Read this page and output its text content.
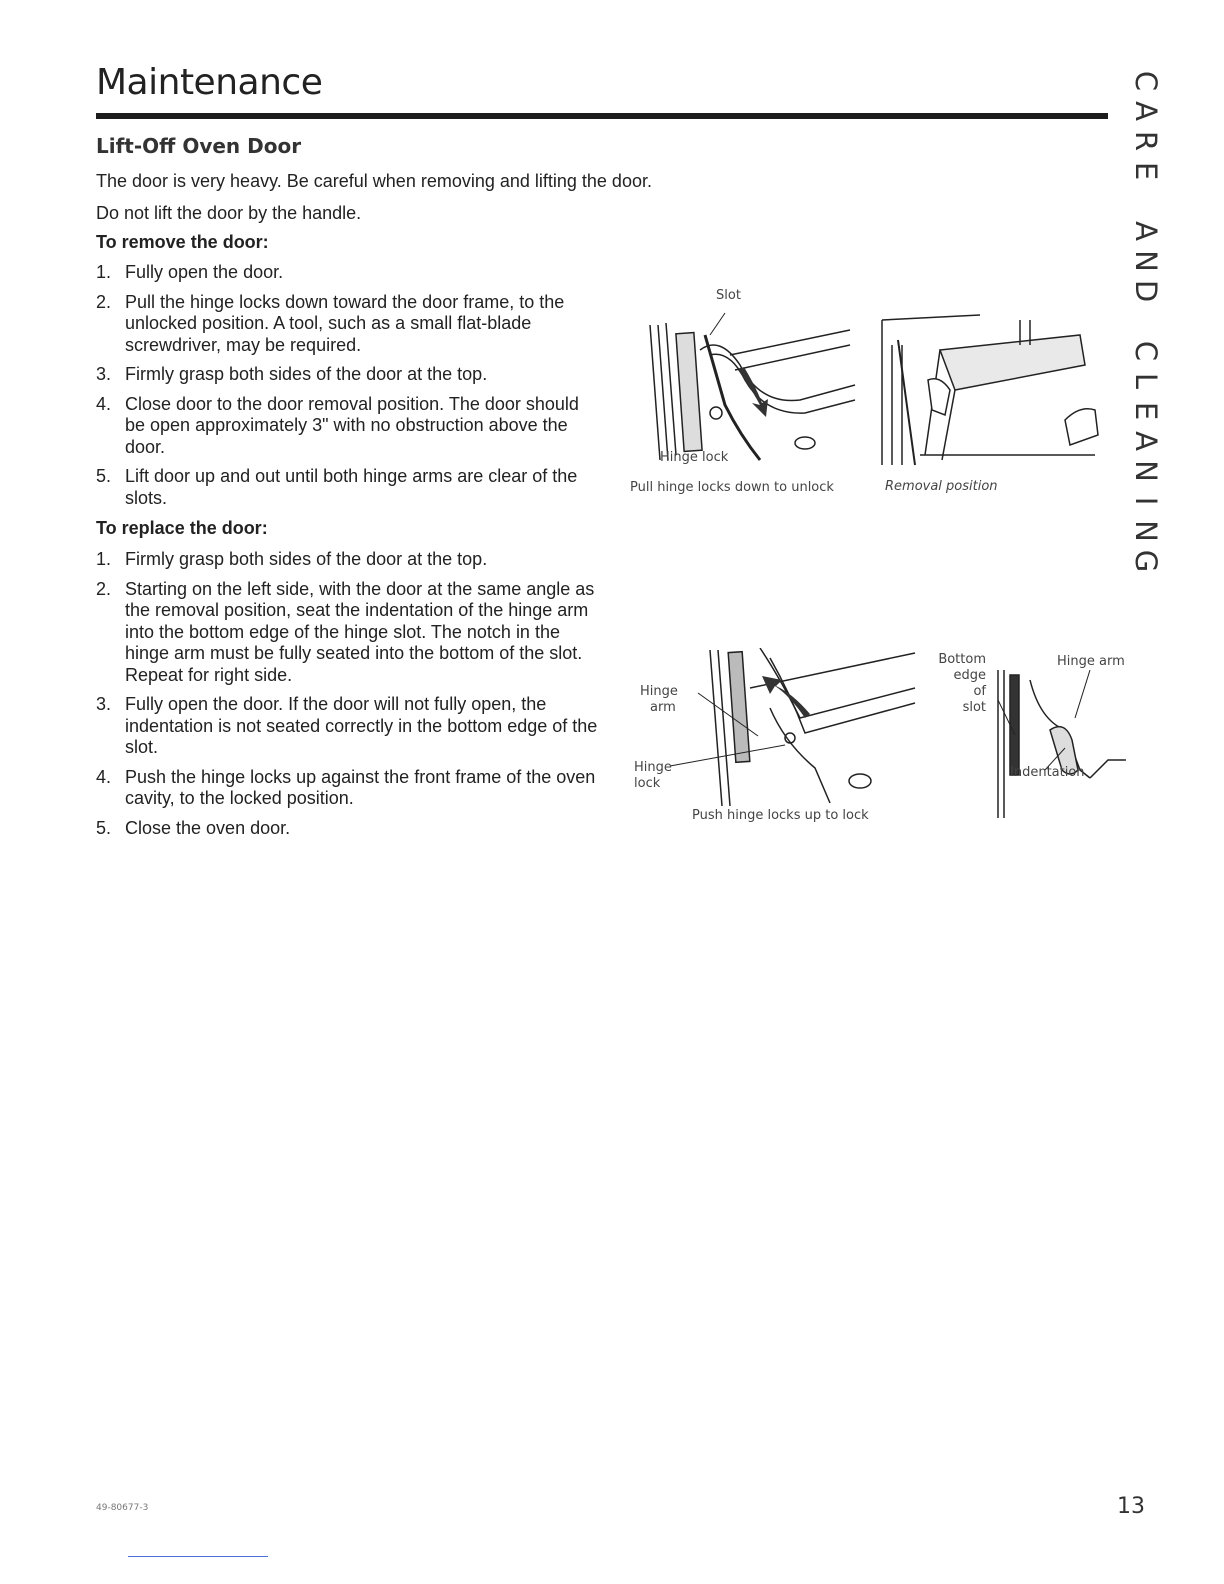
Maintenance	C
A
R
E
A
N
D
C
L
E
A
N
I
N
G
Lift-Off Oven Door

The door is very heavy. Be careful when removing and lifting the door.

Do not lift the door by the handle.

To remove the door:

1. Fully open the door.
2. Pull the hinge locks down toward the door frame, to the unlocked position. A tool, such as a small flat-blade screwdriver, may be required.
3. Firmly grasp both sides of the door at the top.
4. Close door to the door removal position. The door should be open approximately 3" with no obstruction above the door.
5. Lift door up and out until both hinge arms are clear of the slots.

To replace the door:

1. Firmly grasp both sides of the door at the top.
2. Starting on the left side, with the door at the same angle as the removal position, seat the indentation of the hinge arm into the bottom edge of the hinge slot. The notch in the hinge arm must be fully seated into the bottom of the slot. Repeat for right side.
3. Fully open the door. If the door will not fully open, the indentation is not seated correctly in the bottom edge of the slot.
4. Push the hinge locks up against the front frame of the oven cavity, to the locked position.
5. Close the oven door.
Slot
Hinge lock
Pull hinge locks down to unlock	Removal position
Hinge
arm
Hinge
lock
Push hinge locks up to lock
Bottom
edge of
slot
Hinge arm
Indentation
49-80677-3	13
